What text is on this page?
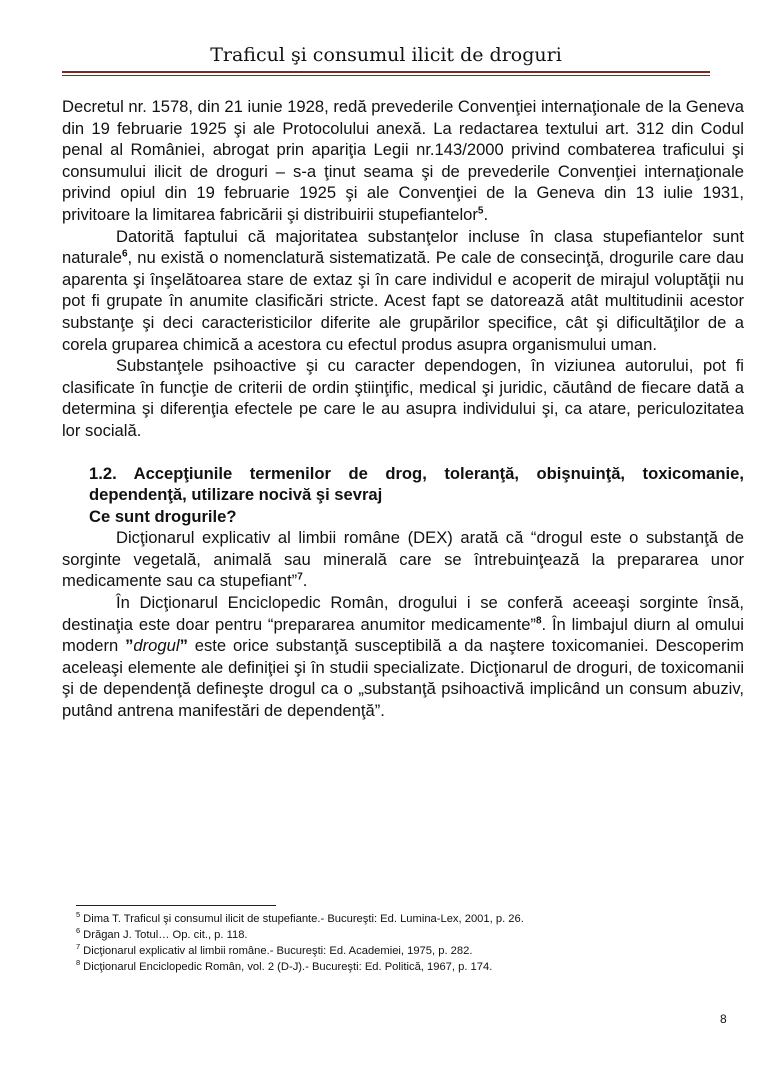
Traficul şi consumul ilicit de droguri

Decretul nr. 1578, din 21 iunie 1928, redă prevederile Convenţiei internaţionale de la Geneva din 19 februarie 1925 şi ale Protocolului anexă. La redactarea textului art. 312 din Codul penal al României, abrogat prin apariţia Legii nr.143/2000 privind combaterea traficului şi consumului ilicit de droguri – s-a ţinut seama şi de prevederile Convenţiei internaţionale privind opiul din 19 februarie 1925 şi ale Convenţiei de la Geneva din 13 iulie 1931, privitoare la limitarea fabricării şi distribuirii stupefiantelor$^5$.

Datorită faptului că majoritatea substanţelor incluse în clasa stupefiantelor sunt naturale$^6$, nu există o nomenclatură sistematizată. Pe cale de consecinţă, drogurile care dau aparenta şi înşelătoarea stare de extaz şi în care individul e acoperit de mirajul voluptăţii nu pot fi grupate în anumite clasificări stricte. Acest fapt se datorează atât multitudinii acestor substanţe şi deci caracteristicilor diferite ale grupărilor specifice, cât şi dificultăţilor de a corela gruparea chimică a acestora cu efectul produs asupra organismului uman.

Substanţele psihoactive şi cu caracter dependogen, în viziunea autorului, pot fi clasificate în funcţie de criterii de ordin ştiinţific, medical şi juridic, căutând de fiecare dată a determina şi diferenţia efectele pe care le au asupra individului şi, ca atare, periculozitatea lor socială.

1.2. Accepţiunile termenilor de drog, toleranţă, obişnuinţă, toxicomanie, dependenţă, utilizare nocivă şi sevraj

Ce sunt drogurile?

Dicţionarul explicativ al limbii române (DEX) arată că “drogul este o substanţă de sorginte vegetală, animală sau minerală care se întrebuinţează la prepararea unor medicamente sau ca stupefiant”$^7$.

În Dicţionarul Enciclopedic Român, drogului i se conferă aceeaşi sorginte însă, destinaţia este doar pentru “prepararea anumitor medicamente”$^8$. În limbajul diurn al omului modern ”drogul” este orice substanţă susceptibilă a da naştere toxicomaniei. Descoperim aceleaşi elemente ale definiţiei şi în studii specializate. Dicţionarul de droguri, de toxicomanii şi de dependenţă defineşte drogul ca o „substanţă psihoactivă implicând un consum abuziv, putând antrena manifestări de dependenţă”.

$^5$ Dima T. Traficul şi consumul ilicit de stupefiante.- Bucureşti: Ed. Lumina-Lex, 2001, p. 26.
$^6$ Drăgan J. Totul… Op. cit., p. 118.
$^7$ Dicţionarul explicativ al limbii române.- Bucureşti: Ed. Academiei, 1975, p. 282.
$^8$ Dicţionarul Enciclopedic Român, vol. 2 (D-J).- Bucureşti: Ed. Politică, 1967, p. 174.
8
